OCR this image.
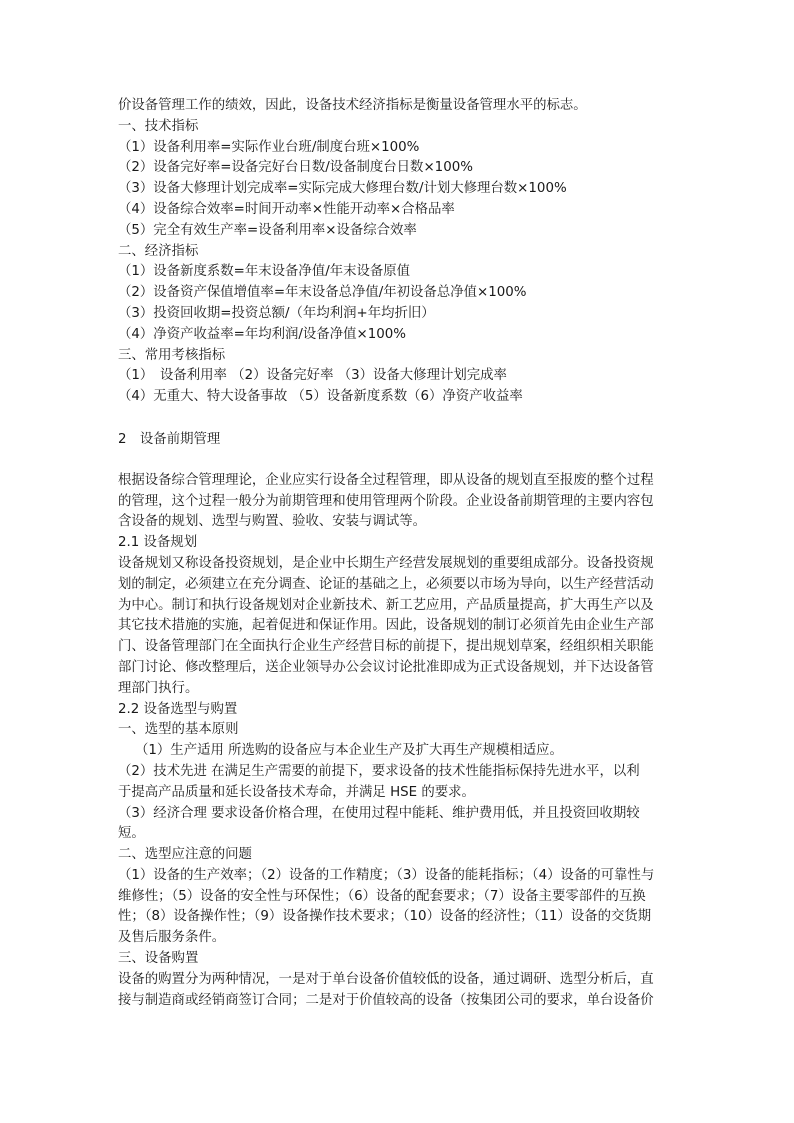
价设备管理工作的绩效，因此，设备技术经济指标是衡量设备管理水平的标志。
一、技术指标
（1）设备利用率=实际作业台班/制度台班×100%
（2）设备完好率=设备完好台日数/设备制度台日数×100%
（3）设备大修理计划完成率=实际完成大修理台数/计划大修理台数×100%
（4）设备综合效率=时间开动率×性能开动率×合格品率
（5）完全有效生产率=设备利用率×设备综合效率
二、经济指标
（1）设备新度系数=年末设备净值/年末设备原值
（2）设备资产保值增值率=年末设备总净值/年初设备总净值×100%
（3）投资回收期=投资总额/（年均利润+年均折旧）
（4）净资产收益率=年均利润/设备净值×100%
三、常用考核指标
（1）　设备利用率 （2）设备完好率 （3）设备大修理计划完成率
（4）无重大、特大设备事故 （5）设备新度系数（6）净资产收益率
2　设备前期管理
根据设备综合管理理论，企业应实行设备全过程管理，即从设备的规划直至报废的整个过程
的管理，这个过程一般分为前期管理和使用管理两个阶段。企业设备前期管理的主要内容包
含设备的规划、选型与购置、验收、安装与调试等。
2.1 设备规划
设备规划又称设备投资规划，是企业中长期生产经营发展规划的重要组成部分。设备投资规
划的制定，必须建立在充分调查、论证的基础之上，必须要以市场为导向，以生产经营活动
为中心。制订和执行设备规划对企业新技术、新工艺应用，产品质量提高，扩大再生产以及
其它技术措施的实施，起着促进和保证作用。因此，设备规划的制订必须首先由企业生产部
门、设备管理部门在全面执行企业生产经营目标的前提下，提出规划草案，经组织相关职能
部门讨论、修改整理后，送企业领导办公会议讨论批准即成为正式设备规划，并下达设备管
理部门执行。
2.2 设备选型与购置
一、选型的基本原则
（1）生产适用 所选购的设备应与本企业生产及扩大再生产规模相适应。
（2）技术先进 在满足生产需要的前提下，要求设备的技术性能指标保持先进水平，以利
于提高产品质量和延长设备技术寿命，并满足 HSE 的要求。
（3）经济合理 要求设备价格合理，在使用过程中能耗、维护费用低，并且投资回收期较
短。
二、选型应注意的问题
（1）设备的生产效率；（2）设备的工作精度；（3）设备的能耗指标；（4）设备的可靠性与
维修性；（5）设备的安全性与环保性；（6）设备的配套要求；（7）设备主要零部件的互换
性；（8）设备操作性；（9）设备操作技术要求；（10）设备的经济性；（11）设备的交货期
及售后服务条件。
三、设备购置
设备的购置分为两种情况，一是对于单台设备价值较低的设备，通过调研、选型分析后，直
接与制造商或经销商签订合同；二是对于价值较高的设备（按集团公司的要求，单台设备价
